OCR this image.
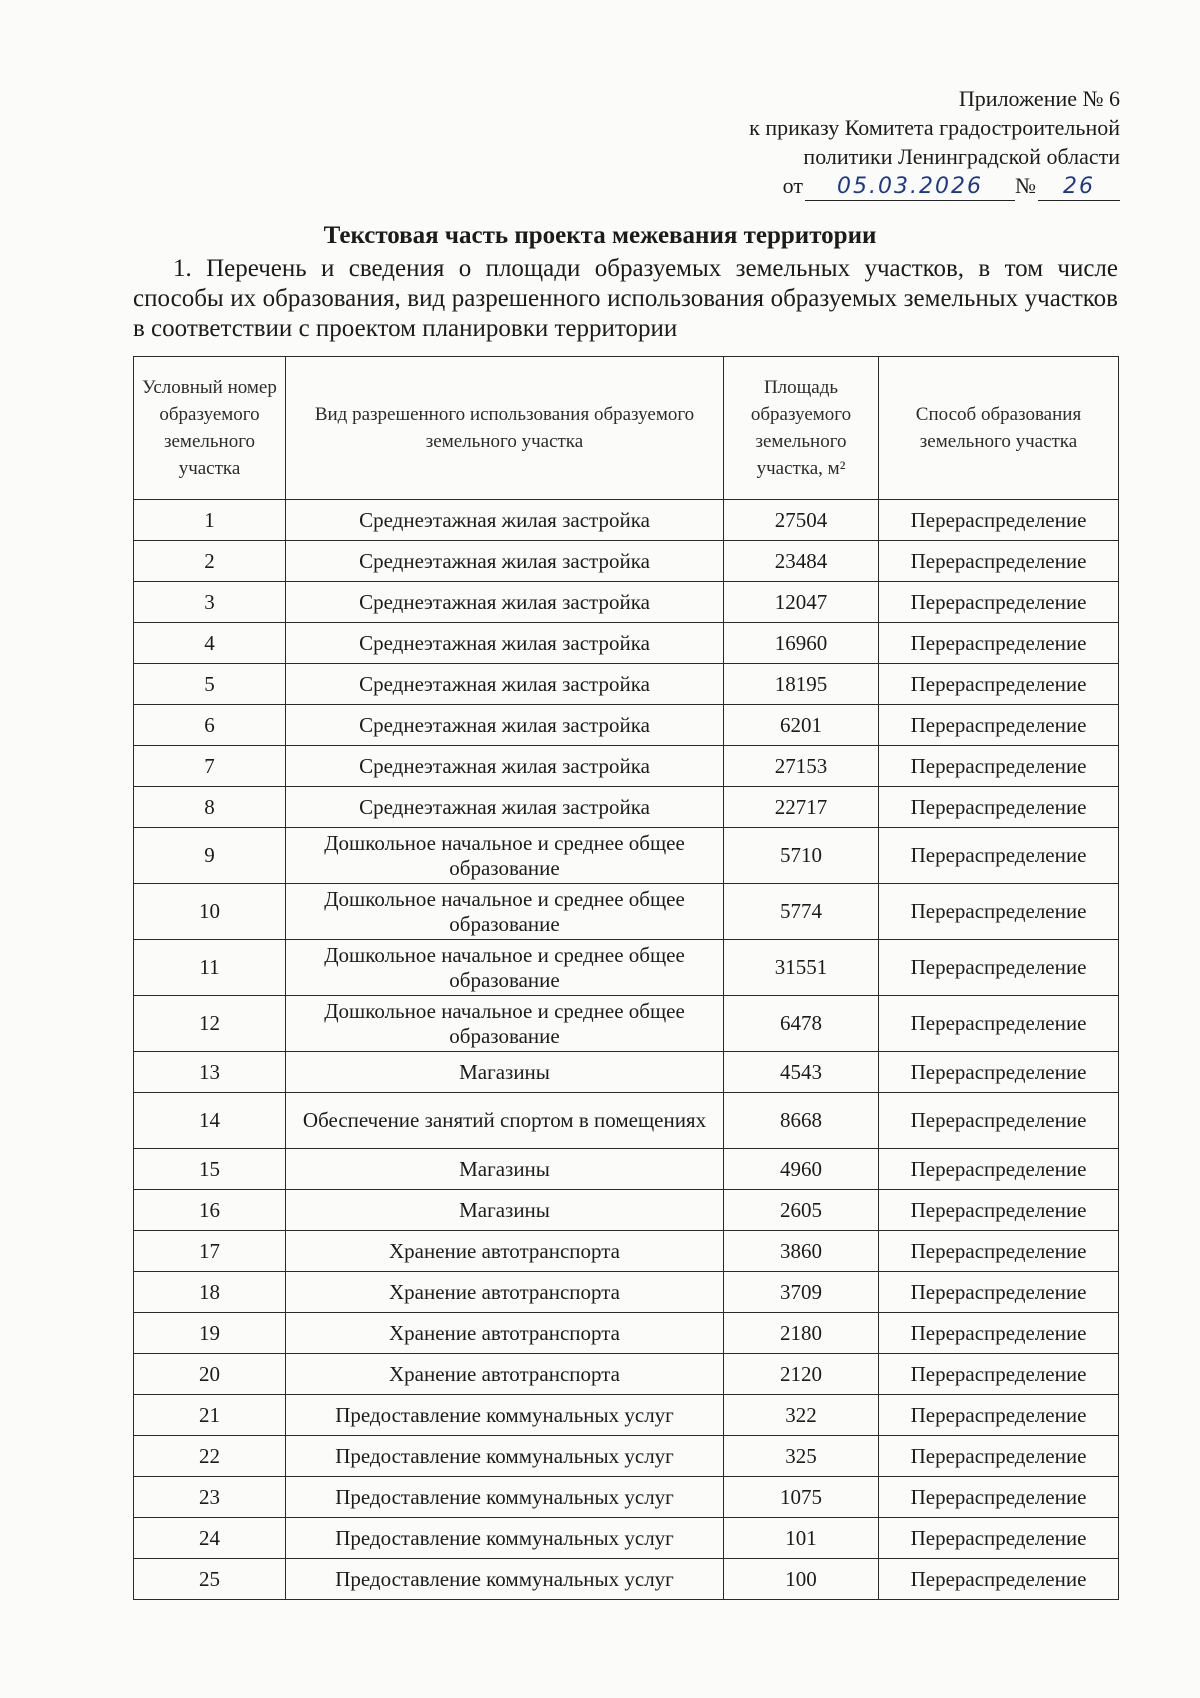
Приложение № 6
к приказу Комитета градостроительной
политики Ленинградской области
от	05.03.2026	№	26
Текстовая часть проекта межевания территории

1. Перечень и сведения о площади образуемых земельных участков, в том числе способы их образования, вид разрешенного использования образуемых земельных участков в соответствии с проектом планировки территории

Условный номер образуемого земельного участка	Вид разрешенного использования образуемого земельного участка	Площадь образуемого земельного участка, м²	Способ образования земельного участка
1	Среднеэтажная жилая застройка	27504	Перераспределение
2	Среднеэтажная жилая застройка	23484	Перераспределение
3	Среднеэтажная жилая застройка	12047	Перераспределение
4	Среднеэтажная жилая застройка	16960	Перераспределение
5	Среднеэтажная жилая застройка	18195	Перераспределение
6	Среднеэтажная жилая застройка	6201	Перераспределение
7	Среднеэтажная жилая застройка	27153	Перераспределение
8	Среднеэтажная жилая застройка	22717	Перераспределение
9	Дошкольное начальное и среднее общее образование	5710	Перераспределение
10	Дошкольное начальное и среднее общее образование	5774	Перераспределение
11	Дошкольное начальное и среднее общее образование	31551	Перераспределение
12	Дошкольное начальное и среднее общее образование	6478	Перераспределение
13	Магазины	4543	Перераспределение
14	Обеспечение занятий спортом в помещениях	8668	Перераспределение
15	Магазины	4960	Перераспределение
16	Магазины	2605	Перераспределение
17	Хранение автотранспорта	3860	Перераспределение
18	Хранение автотранспорта	3709	Перераспределение
19	Хранение автотранспорта	2180	Перераспределение
20	Хранение автотранспорта	2120	Перераспределение
21	Предоставление коммунальных услуг	322	Перераспределение
22	Предоставление коммунальных услуг	325	Перераспределение
23	Предоставление коммунальных услуг	1075	Перераспределение
24	Предоставление коммунальных услуг	101	Перераспределение
25	Предоставление коммунальных услуг	100	Перераспределение
